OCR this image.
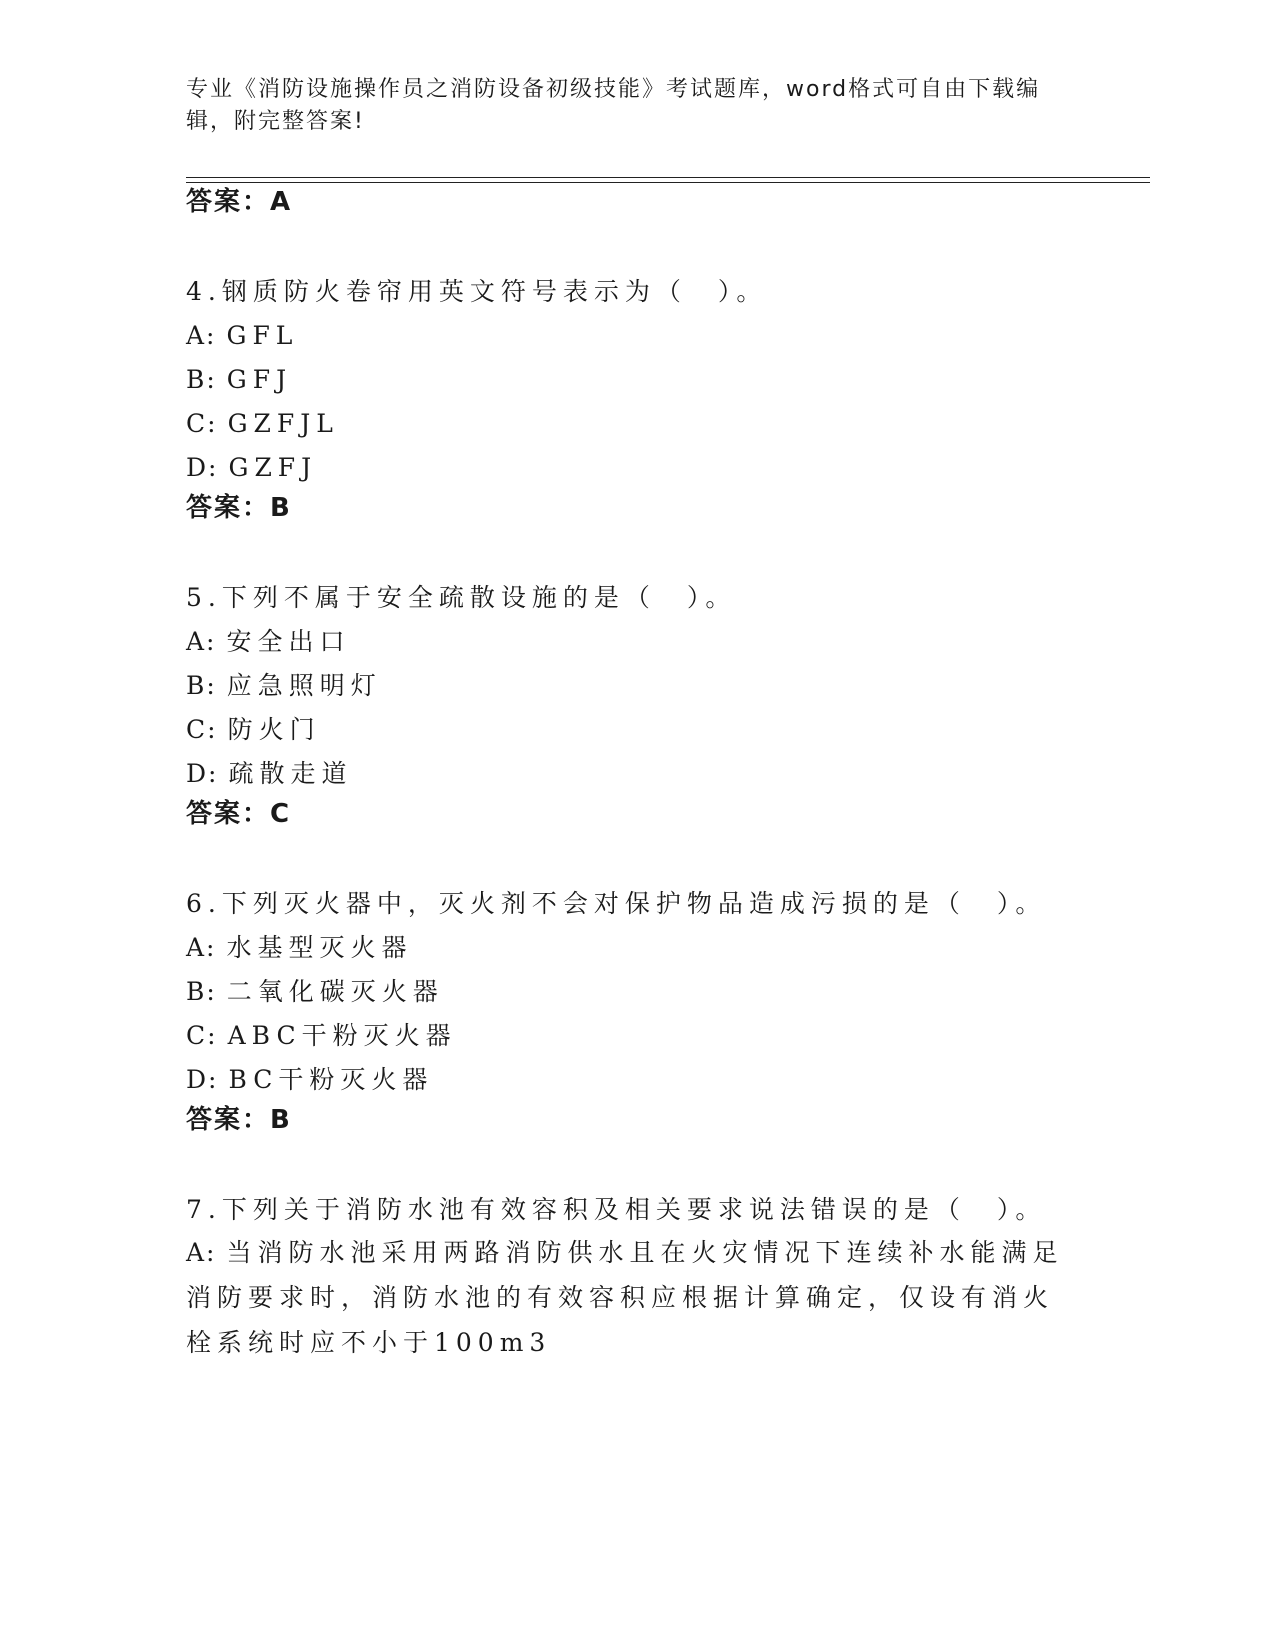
专业《消防设施操作员之消防设备初级技能》考试题库，word格式可自由下载编辑，附完整答案!
答案：A
4.钢质防火卷帘用英文符号表示为（　）。
A: GFL
B: GFJ
C: GZFJL
D: GZFJ
答案：B
5.下列不属于安全疏散设施的是（　）。
A: 安全出口
B: 应急照明灯
C: 防火门
D: 疏散走道
答案：C
6.下列灭火器中，灭火剂不会对保护物品造成污损的是（　）。
A: 水基型灭火器
B: 二氧化碳灭火器
C: ABC干粉灭火器
D: BC干粉灭火器
答案：B
7.下列关于消防水池有效容积及相关要求说法错误的是（　）。
A: 当消防水池采用两路消防供水且在火灾情况下连续补水能满足消防要求时，消防水池的有效容积应根据计算确定，仅设有消火栓系统时应不小于100m3
